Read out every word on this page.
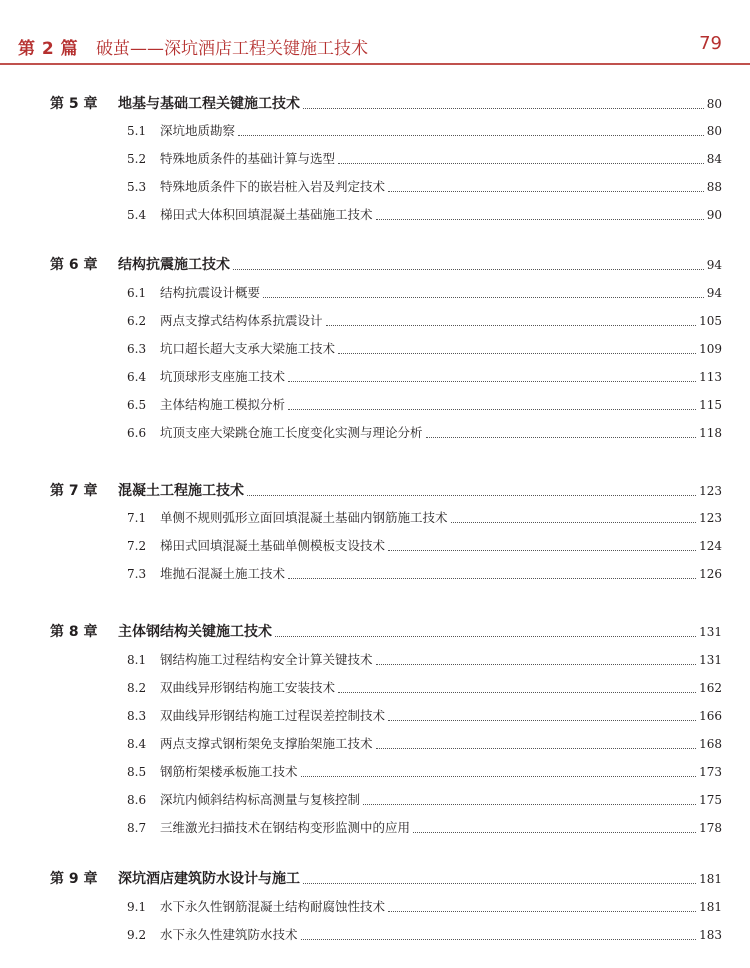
第 2 篇 破茧——深坑酒店工程关键施工技术	79
第 5 章 地基与基础工程关键施工技术	80
5.1 深坑地质勘察	80
5.2 特殊地质条件的基础计算与选型	84
5.3 特殊地质条件下的嵌岩桩入岩及判定技术	88
5.4 梯田式大体积回填混凝土基础施工技术	90
第 6 章 结构抗震施工技术	94
6.1 结构抗震设计概要	94
6.2 两点支撑式结构体系抗震设计	105
6.3 坑口超长超大支承大梁施工技术	109
6.4 坑顶球形支座施工技术	113
6.5 主体结构施工模拟分析	115
6.6 坑顶支座大梁跳仓施工长度变化实测与理论分析	118
第 7 章 混凝土工程施工技术	123
7.1 单侧不规则弧形立面回填混凝土基础内钢筋施工技术	123
7.2 梯田式回填混凝土基础单侧模板支设技术	124
7.3 堆抛石混凝土施工技术	126
第 8 章 主体钢结构关键施工技术	131
8.1 钢结构施工过程结构安全计算关键技术	131
8.2 双曲线异形钢结构施工安装技术	162
8.3 双曲线异形钢结构施工过程误差控制技术	166
8.4 两点支撑式钢桁架免支撑胎架施工技术	168
8.5 钢筋桁架楼承板施工技术	173
8.6 深坑内倾斜结构标高测量与复核控制	175
8.7 三维激光扫描技术在钢结构变形监测中的应用	178
第 9 章 深坑酒店建筑防水设计与施工	181
9.1 水下永久性钢筋混凝土结构耐腐蚀性技术	181
9.2 水下永久性建筑防水技术	183
